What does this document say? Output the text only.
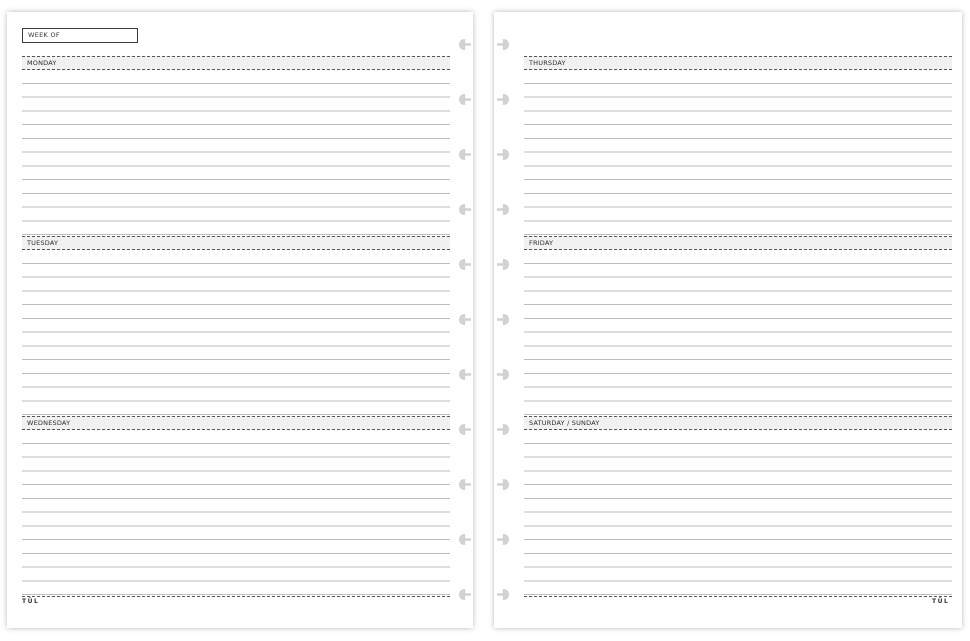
WEEK OF
MONDAY
TUESDAY
WEDNESDAY
TÜL
THURSDAY
FRIDAY
SATURDAY / SUNDAY
TÜL
